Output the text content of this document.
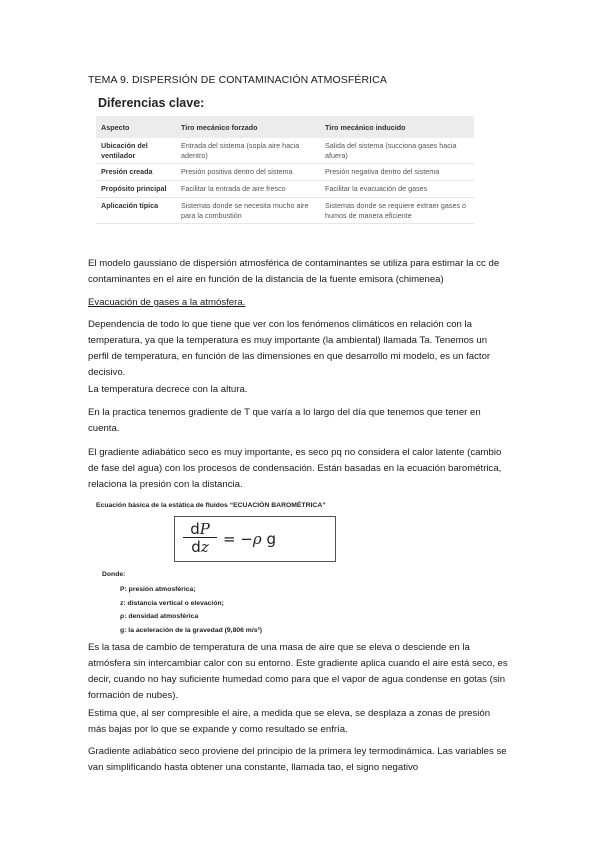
TEMA 9. DISPERSIÓN DE CONTAMINACIÓN ATMOSFÉRICA
Diferencias clave:
Aspecto	Tiro mecánico forzado	Tiro mecánico inducido
Ubicación del ventilador	Entrada del sistema (sopla aire hacia adentro)	Salida del sistema (succiona gases hacia afuera)
Presión creada	Presión positiva dentro del sistema	Presión negativa dentro del sistema
Propósito principal	Facilitar la entrada de aire fresco	Facilitar la evacuación de gases
Aplicación típica	Sistemas donde se necesita mucho aire para la combustión	Sistemas donde se requiere extraer gases o humos de manera eficiente
El modelo gaussiano de dispersión atmosférica de contaminantes se utiliza para estimar la cc de contaminantes en el aire en función de la distancia de la fuente emisora (chimenea)
Evacuación de gases a la atmósfera.
Dependencia de todo lo que tiene que ver con los fenómenos climáticos en relación con la temperatura, ya que la temperatura es muy importante (la ambiental) llamada Ta. Tenemos un perfil de temperatura, en función de las dimensiones en que desarrollo mi modelo, es un factor decisivo.
La temperatura decrece con la altura.
En la practica tenemos gradiente de T que varía a lo largo del día que tenemos que tener en cuenta.
El gradiente adiabático seco es muy importante, es seco pq no considera el calor latente (cambio de fase del agua) con los procesos de condensación. Están basadas en la ecuación barométrica, relaciona la presión con la distancia.
Ecuación básica de la estática de fluidos “ECUACIÓN BAROMÉTRICA”
$\frac{dP}{dz} = -\rho$ g
Donde:
P: presión atmosférica;
z: distancia vertical o elevación;
ρ: densidad atmosférica
g: la aceleración de la gravedad (9,806 m/s²)
Es la tasa de cambio de temperatura de una masa de aire que se eleva o desciende en la atmósfera sin intercambiar calor con su entorno. Este gradiente aplica cuando el aire está seco, es decir, cuando no hay suficiente humedad como para que el vapor de agua condense en gotas (sin formación de nubes).
Estima que, al ser compresible el aire, a medida que se eleva, se desplaza a zonas de presión más bajas por lo que se expande y como resultado se enfría.
Gradiente adiabático seco proviene del principio de la primera ley termodinámica. Las variables se van simplificando hasta obtener una constante, llamada tao, el signo negativo
